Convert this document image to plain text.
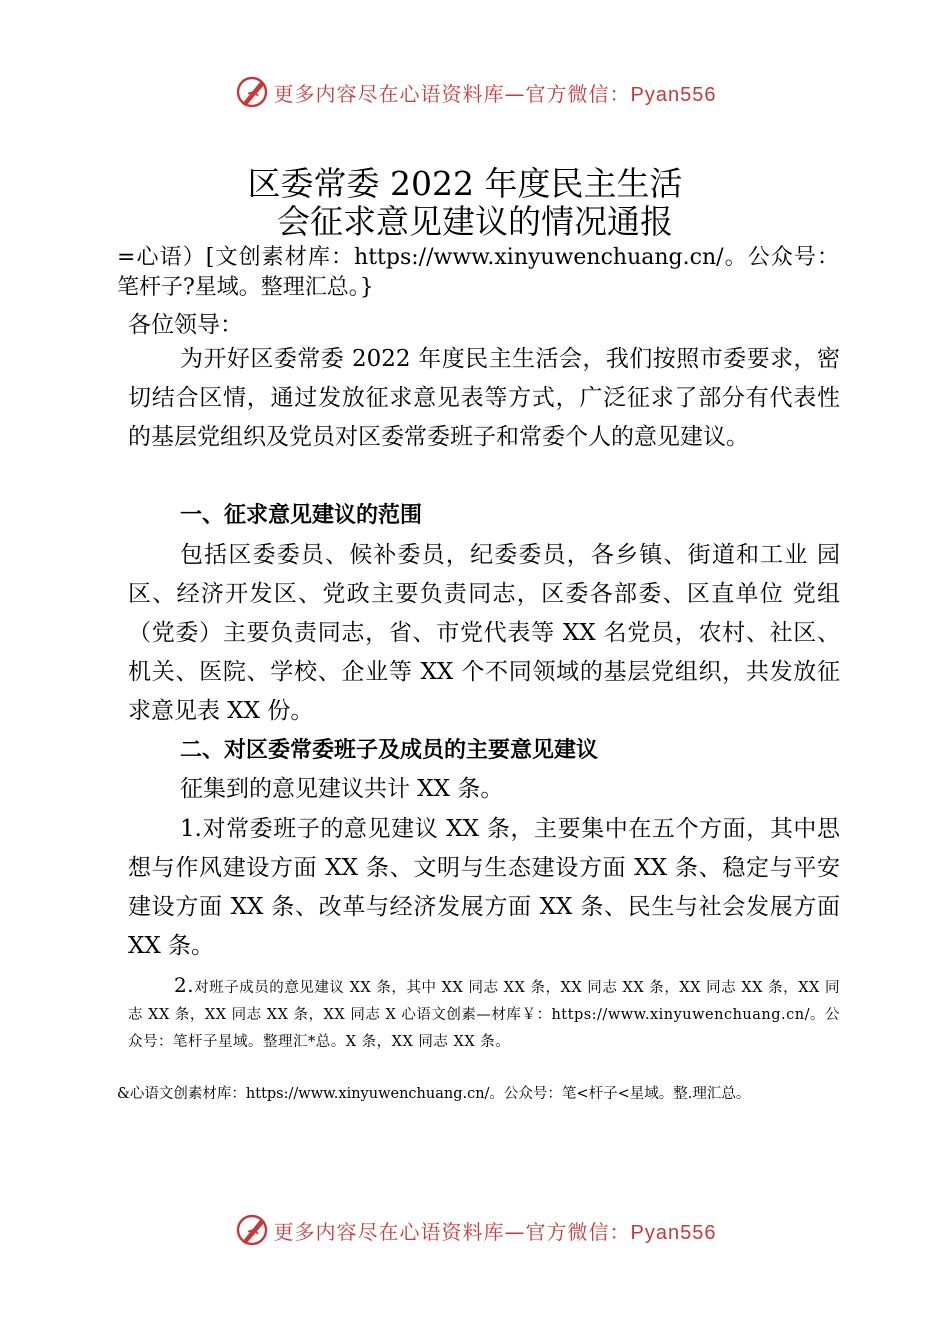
更多内容尽在心语资料库—官方微信：Pyan556
区委常委 2022 年度民主生活
会征求意见建议的情况通报
=心语）[文创素材库：https://www.xinyuwenchuang.cn/。公众号：笔杆子?星域。整理汇总。}
各位领导：
为开好区委常委 2022 年度民主生活会，我们按照市委要求，密切结合区情，通过发放征求意见表等方式，广泛征求了部分有代表性的基层党组织及党员对区委常委班子和常委个人的意见建议。
一、征求意见建议的范围
包括区委委员、候补委员，纪委委员，各乡镇、街道和工业 园区、经济开发区、党政主要负责同志，区委各部委、区直单位 党组（党委）主要负责同志，省、市党代表等 XX 名党员，农村、社区、机关、医院、学校、企业等 XX 个不同领域的基层党组织，共发放征求意见表 XX 份。
二、对区委常委班子及成员的主要意见建议
征集到的意见建议共计 XX 条。
1.对常委班子的意见建议 XX 条，主要集中在五个方面，其中思想与作风建设方面 XX 条、文明与生态建设方面 XX 条、稳定与平安建设方面 XX 条、改革与经济发展方面 XX 条、民生与社会发展方面 XX 条。
2.对班子成员的意见建议 XX 条，其中 XX 同志 XX 条，XX 同志 XX 条，XX 同志 XX 条，XX 同志 XX 条，XX 同志 XX 条，XX 同志 X 心语文创素—材库￥：https://www.xinyuwenchuang.cn/。公众号：笔杆子星域。整理汇*总。X 条，XX 同志 XX 条。
&心语文创素材库：https://www.xinyuwenchuang.cn/。公众号：笔<杆子<星域。整.理汇总。
更多内容尽在心语资料库—官方微信：Pyan556
